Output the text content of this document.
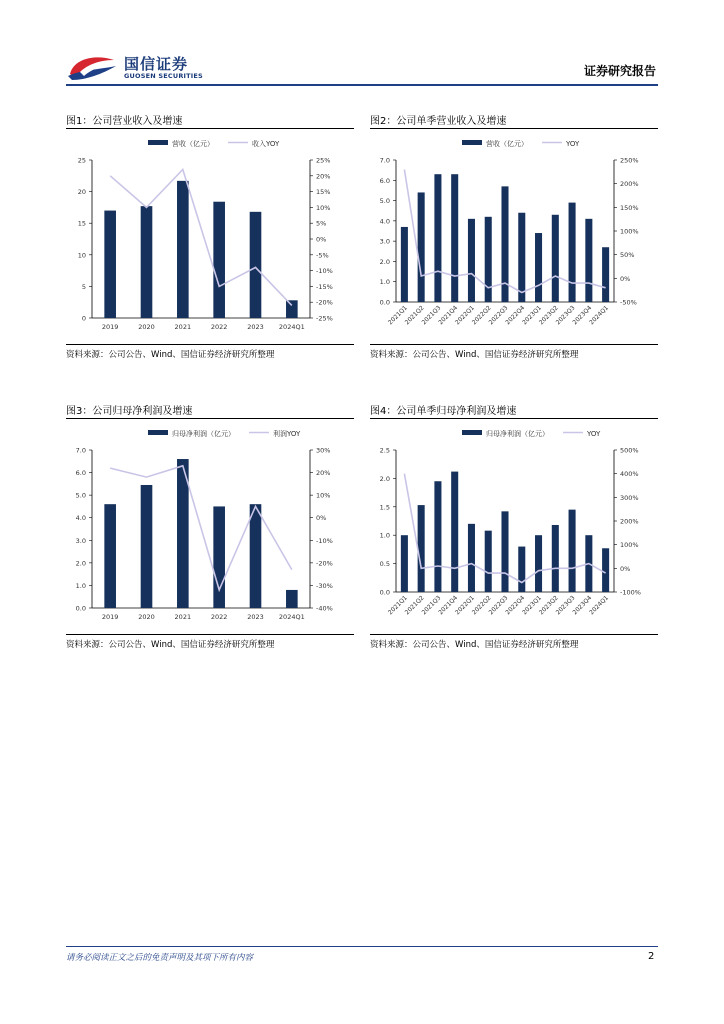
国信证券
GUOSEN SECURITIES	证券研究报告
图1：公司营业收入及增速
营收（亿元）	收入YOY
0
5
10
15
20
25
-25%
-20%
-15%
-10%
-5%
0%
5%
10%
15%
20%
25%
2019	2020	2021	2022	2023 2024Q1
资料来源：公司公告、Wind、国信证券经济研究所整理
图2：公司单季营业收入及增速
营收（亿元）	YOY
0.0
1.0
2.0
3.0
4.0
5.0
6.0
7.0
-50%
0%
50%
100%
150%
200%
250%
2021Q1
2021Q2
2021Q3
2021Q4
2022Q1
2022Q2
2022Q3
2022Q4
2023Q1
2023Q2
2023Q3
2023Q4
2024Q1
资料来源：公司公告、Wind、国信证券经济研究所整理
图3：公司归母净利润及增速
归母净利润（亿元）	利润YOY
0.0
1.0
2.0
3.0
4.0
5.0
6.0
7.0
-40%
-30%
-20%
-10%
0%
10%
20%
30%
2019	2020	2021	2022	2023 2024Q1
资料来源：公司公告、Wind、国信证券经济研究所整理
图4：公司单季归母净利润及增速
归母净利润（亿元）	YOY
0.0
0.5
1.0
1.5
2.0
2.5
-100%
0%
100%
200%
300%
400%
500%
2021Q1
2021Q2
2021Q3
2021Q4
2022Q1
2022Q2
2022Q3
2022Q4
2023Q1
2023Q2
2023Q3
2023Q4
2024Q1
资料来源：公司公告、Wind、国信证券经济研究所整理
请务必阅读正文之后的免责声明及其项下所有内容	2
